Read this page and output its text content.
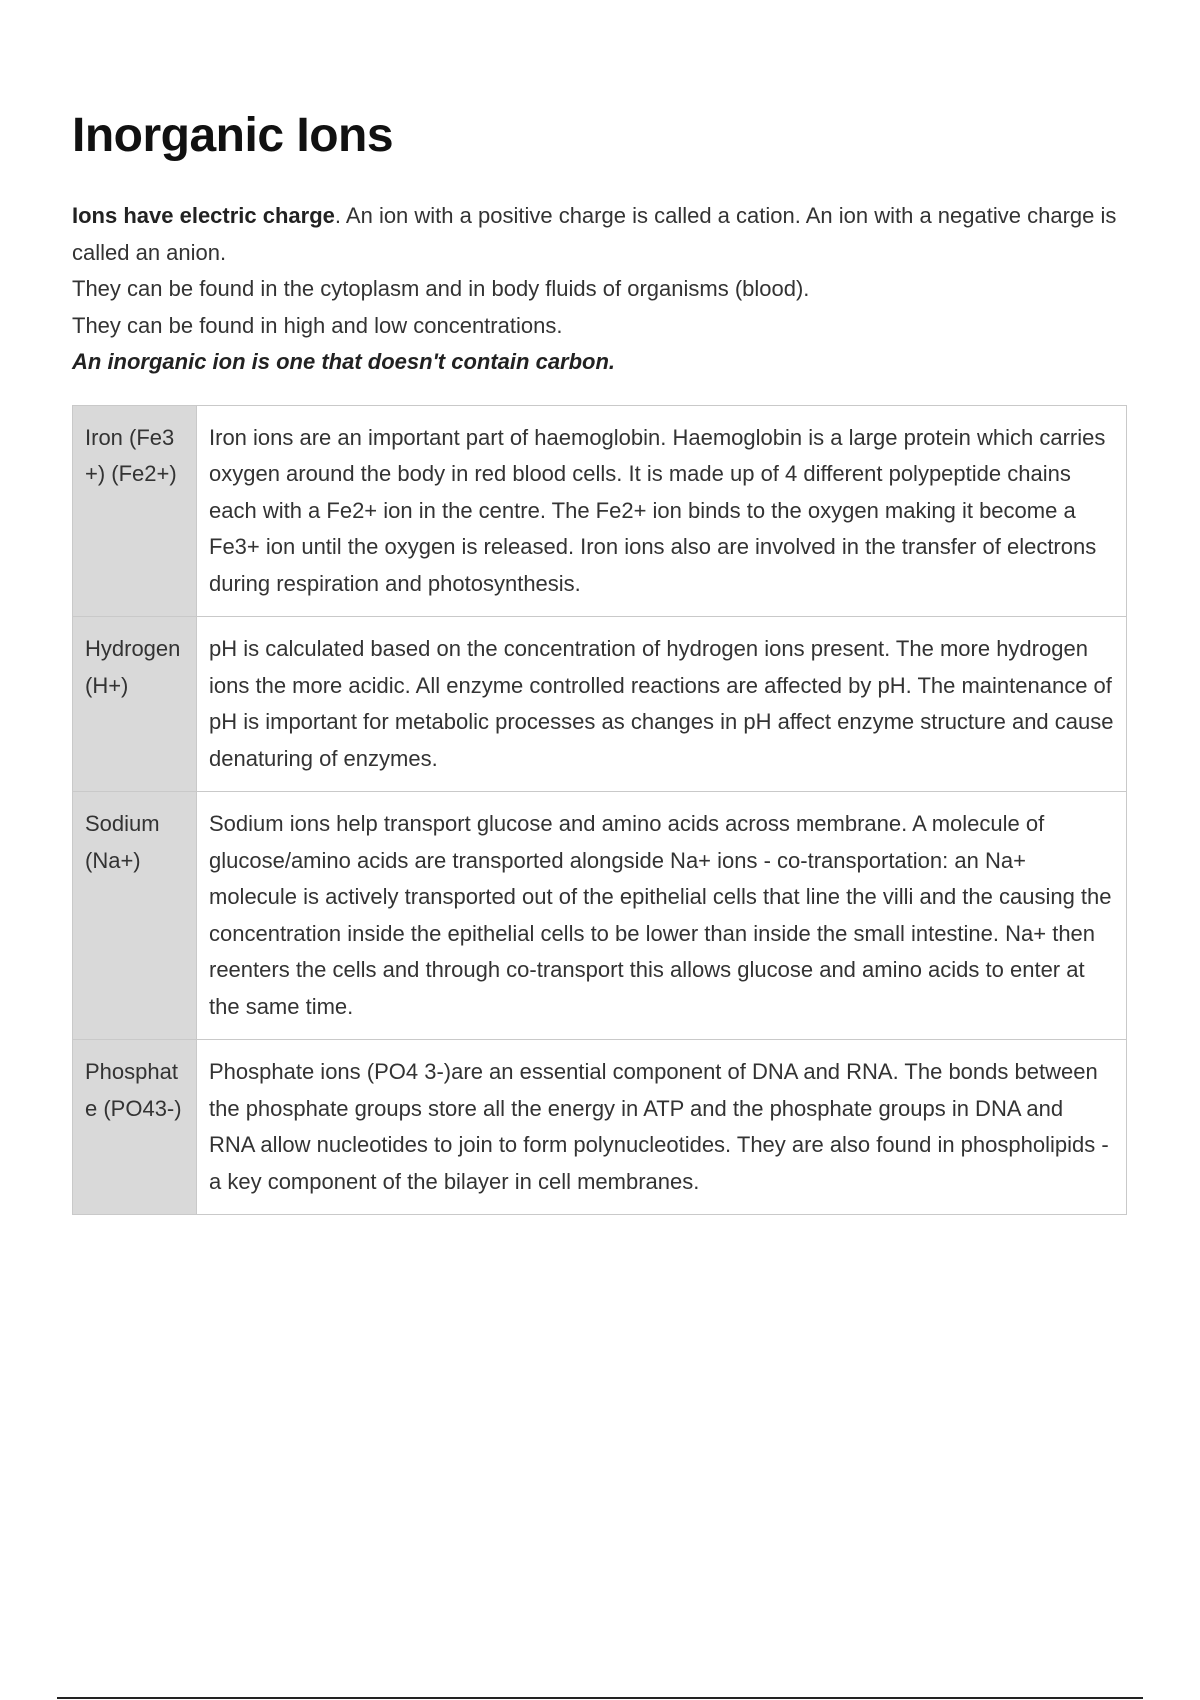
Inorganic Ions

Ions have electric charge. An ion with a positive charge is called a cation. An ion with a negative charge is called an anion.

They can be found in the cytoplasm and in body fluids of organisms (blood).

They can be found in high and low concentrations.

An inorganic ion is one that doesn't contain carbon.

Iron (Fe3+) (Fe2+)	Iron ions are an important part of haemoglobin. Haemoglobin is a large protein which carries oxygen around the body in red blood cells. It is made up of 4 different polypeptide chains each with a Fe2+ ion in the centre. The Fe2+ ion binds to the oxygen making it become a Fe3+ ion until the oxygen is released. Iron ions also are involved in the transfer of electrons during respiration and photosynthesis.
Hydrogen (H+)	pH is calculated based on the concentration of hydrogen ions present. The more hydrogen ions the more acidic. All enzyme controlled reactions are affected by pH. The maintenance of pH is important for metabolic processes as changes in pH affect enzyme structure and cause denaturing of enzymes.
Sodium (Na+)	Sodium ions help transport glucose and amino acids across membrane. A molecule of glucose/amino acids are transported alongside Na+ ions - co-transportation: an Na+ molecule is actively transported out of the epithelial cells that line the villi and the causing the concentration inside the epithelial cells to be lower than inside the small intestine. Na+ then reenters the cells and through co-transport this allows glucose and amino acids to enter at the same time.
Phosphate (PO43-)	Phosphate ions (PO4 3-)are an essential component of DNA and RNA. The bonds between the phosphate groups store all the energy in ATP and the phosphate groups in DNA and RNA allow nucleotides to join to form polynucleotides. They are also found in phospholipids - a key component of the bilayer in cell membranes.
